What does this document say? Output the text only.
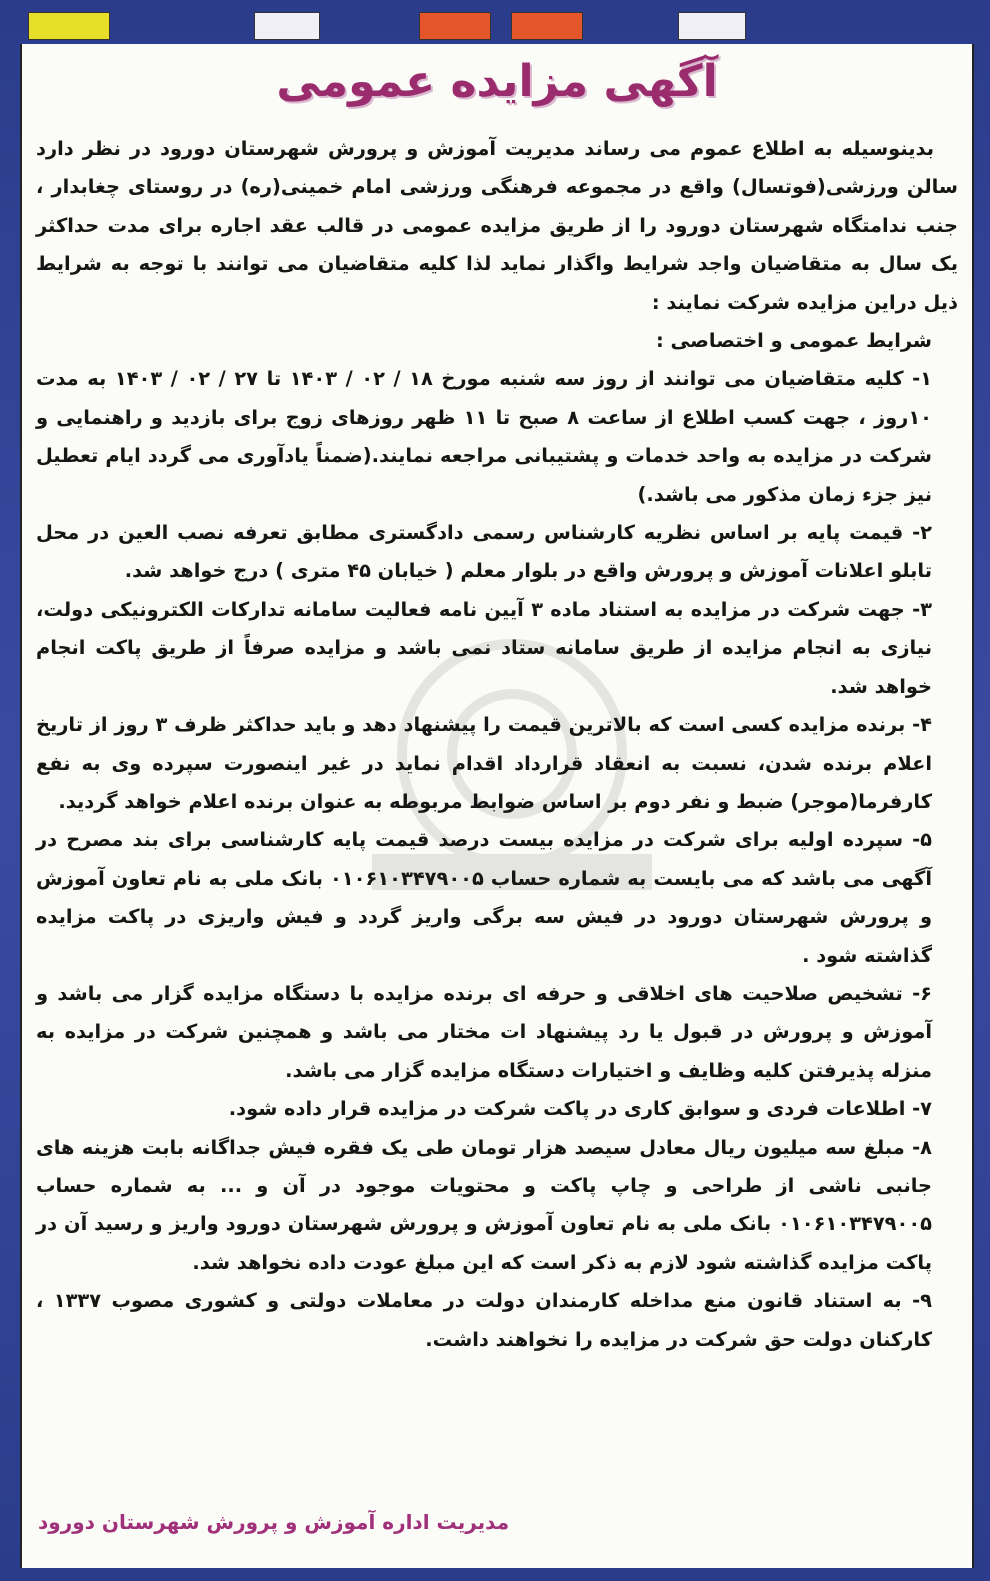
آگهی مزایده عمومی

بدینوسیله به اطلاع عموم می رساند مدیریت آموزش و پرورش شهرستان دورود در نظر دارد سالن ورزشی(فوتسال) واقع در مجموعه فرهنگی ورزشی امام خمینی(ره) در روستای چغابدار ، جنب ندامتگاه شهرستان دورود را از طریق مزایده عمومی در قالب عقد اجاره برای مدت حداکثر یک سال به متقاضیان واجد شرایط واگذار نماید لذا کلیه متقاضیان می توانند با توجه به شرایط ذیل دراین مزایده شرکت نمایند :

شرایط عمومی و اختصاصی :

۱- کلیه متقاضیان می توانند از روز سه شنبه مورخ ۱۸ / ۰۲ / ۱۴۰۳ تا ۲۷ / ۰۲ / ۱۴۰۳ به مدت ۱۰روز ، جهت کسب اطلاع از ساعت ۸ صبح تا ۱۱ ظهر روزهای زوج برای بازدید و راهنمایی و شرکت در مزایده به واحد خدمات و پشتیبانی مراجعه نمایند.(ضمناً یادآوری می گردد ایام تعطیل نیز جزء زمان مذکور می باشد.)

۲- قیمت پایه بر اساس نظریه کارشناس رسمی دادگستری مطابق تعرفه نصب العین در محل تابلو اعلانات آموزش و پرورش واقع در بلوار معلم ( خیابان ۴۵ متری ) درج خواهد شد.

۳- جهت شرکت در مزایده به استناد ماده ۳ آیین نامه فعالیت سامانه تدارکات الکترونیکی دولت، نیازی به انجام مزایده از طریق سامانه ستاد نمی باشد و مزایده صرفاً از طریق پاکت انجام خواهد شد.

۴- برنده مزایده کسی است که بالاترین قیمت را پیشنهاد دهد و باید حداکثر ظرف ۳ روز از تاریخ اعلام برنده شدن، نسبت به انعقاد قرارداد اقدام نماید در غیر اینصورت سپرده وی به نفع کارفرما(موجر) ضبط و نفر دوم بر اساس ضوابط مربوطه به عنوان برنده اعلام خواهد گردید.

۵- سپرده اولیه برای شرکت در مزایده بیست درصد قیمت پایه کارشناسی برای بند مصرح در آگهی می باشد که می بایست به شماره حساب ۰۱۰۶۱۰۳۴۷۹۰۰۵ بانک ملی به نام تعاون آموزش و پرورش شهرستان دورود در فیش سه برگی واریز گردد و فیش واریزی در پاکت مزایده گذاشته شود .

۶- تشخیص صلاحیت های اخلاقی و حرفه ای برنده مزایده با دستگاه مزایده گزار می باشد و آموزش و پرورش در قبول یا رد پیشنهاد ات مختار می باشد و همچنین شرکت در مزایده به منزله پذیرفتن کلیه وظایف و اختیارات دستگاه مزایده گزار می باشد.

۷- اطلاعات فردی و سوابق کاری در پاکت شرکت در مزایده قرار داده شود.

۸- مبلغ سه میلیون ریال معادل سیصد هزار تومان طی یک فقره فیش جداگانه بابت هزینه های جانبی ناشی از طراحی و چاپ پاکت و محتویات موجود در آن و ... به شماره حساب ۰۱۰۶۱۰۳۴۷۹۰۰۵ بانک ملی به نام تعاون آموزش و پرورش شهرستان دورود واریز و رسید آن در پاکت مزایده گذاشته شود لازم به ذکر است که این مبلغ عودت داده نخواهد شد.

۹- به استناد قانون منع مداخله کارمندان دولت در معاملات دولتی و کشوری مصوب ۱۳۳۷ ، کارکنان دولت حق شرکت در مزایده را نخواهند داشت.

مدیریت اداره آموزش و پرورش شهرستان دورود
